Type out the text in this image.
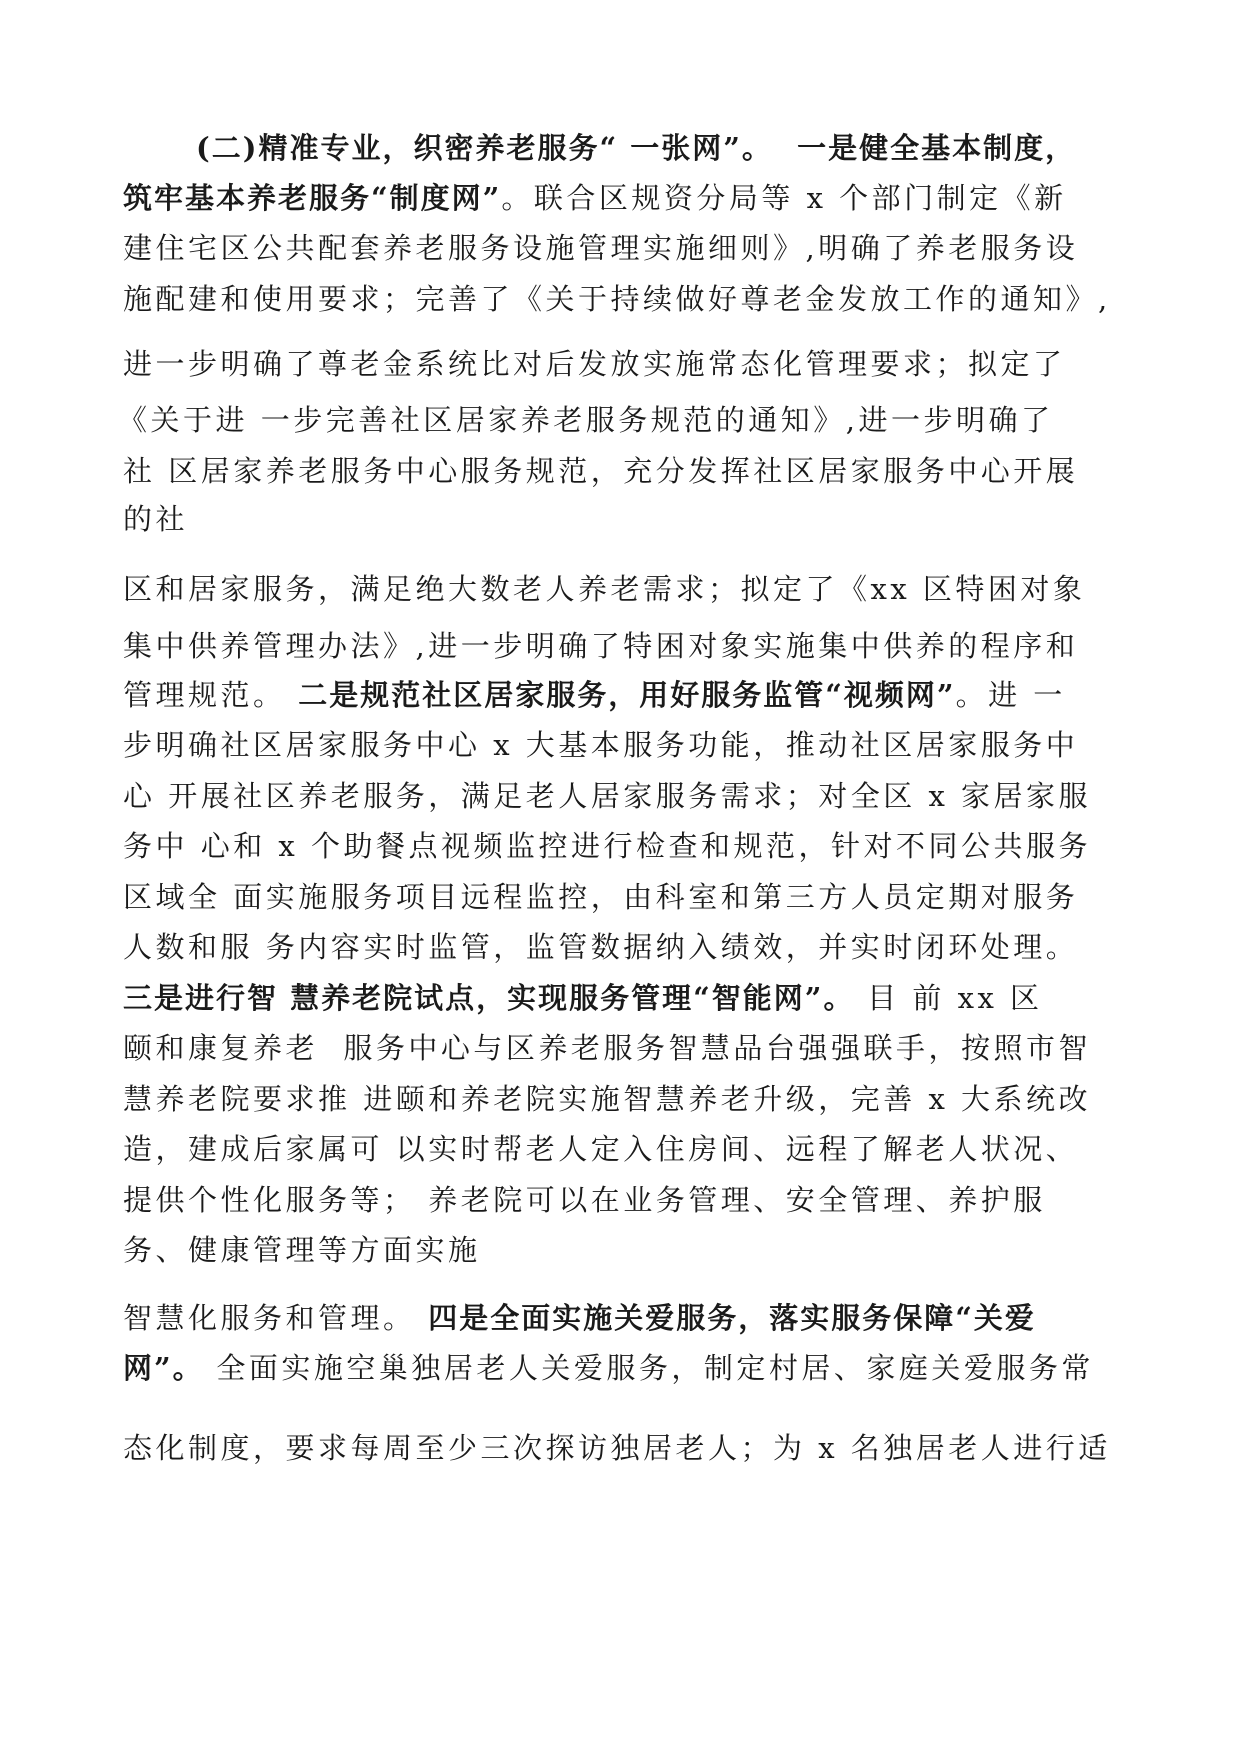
(二)精准专业，织密养老服务“ 一张网”。  一是健全基本制度，
筑牢基本养老服务“制度网”。联合区规资分局等 x 个部门制定《新
建住宅区公共配套养老服务设施管理实施细则》,明确了养老服务设
施配建和使用要求；完善了《关于持续做好尊老金发放工作的通知》,
进一步明确了尊老金系统比对后发放实施常态化管理要求；拟定了
《关于进 一步完善社区居家养老服务规范的通知》,进一步明确了
社 区居家养老服务中心服务规范，充分发挥社区居家服务中心开展
的社
区和居家服务，满足绝大数老人养老需求；拟定了《xx 区特困对象
集中供养管理办法》,进一步明确了特困对象实施集中供养的程序和
管理规范。 二是规范社区居家服务，用好服务监管“视频网”。进 一
步明确社区居家服务中心 x 大基本服务功能，推动社区居家服务中
心 开展社区养老服务，满足老人居家服务需求；对全区 x 家居家服
务中 心和 x 个助餐点视频监控进行检查和规范，针对不同公共服务
区域全 面实施服务项目远程监控，由科室和第三方人员定期对服务
人数和服 务内容实时监管，监管数据纳入绩效，并实时闭环处理。
三是进行智 慧养老院试点，实现服务管理“智能网”。 目 前 xx 区
颐和康复养老  服务中心与区养老服务智慧品台强强联手，按照市智
慧养老院要求推 进颐和养老院实施智慧养老升级，完善 x 大系统改
造，建成后家属可 以实时帮老人定入住房间、远程了解老人状况、
提供个性化服务等； 养老院可以在业务管理、安全管理、养护服
务、健康管理等方面实施
智慧化服务和管理。 四是全面实施关爱服务，落实服务保障“关爱
网”。 全面实施空巢独居老人关爱服务，制定村居、家庭关爱服务常
态化制度，要求每周至少三次探访独居老人；为 x 名独居老人进行适
